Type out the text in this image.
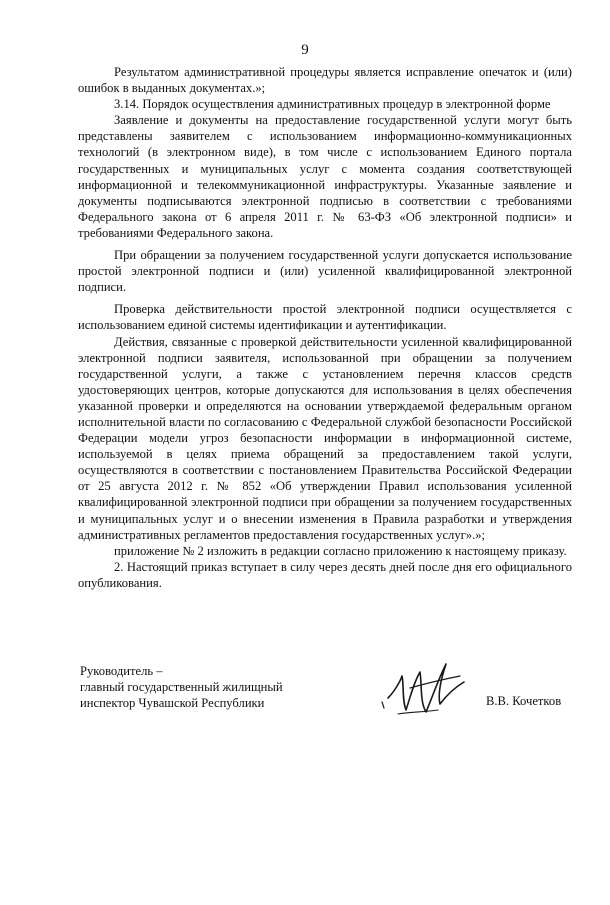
9

Результатом административной процедуры является исправление опечаток и (или) ошибок в выданных документах.»;

3.14. Порядок осуществления административных процедур в электронной форме

Заявление и документы на предоставление государственной услуги могут быть представлены заявителем с использованием информационно-коммуникационных технологий (в электронном виде), в том числе с использованием Единого портала государственных и муниципальных услуг с момента создания соответствующей информационной и телекоммуникационной инфраструктуры. Указанные заявление и документы подписываются электронной подписью в соответствии с требованиями Федерального закона от 6 апреля 2011 г. № 63-ФЗ «Об электронной подписи» и требованиями Федерального закона.

При обращении за получением государственной услуги допускается использование простой электронной подписи и (или) усиленной квалифицированной электронной подписи.

Проверка действительности простой электронной подписи осуществляется с использованием единой системы идентификации и аутентификации.

Действия, связанные с проверкой действительности усиленной квалифицированной электронной подписи заявителя, использованной при обращении за получением государственной услуги, а также с установлением перечня классов средств удостоверяющих центров, которые допускаются для использования в целях обеспечения указанной проверки и определяются на основании утверждаемой федеральным органом исполнительной власти по согласованию с Федеральной службой безопасности Российской Федерации модели угроз безопасности информации в информационной системе, используемой в целях приема обращений за предоставлением такой услуги, осуществляются в соответствии с постановлением Правительства Российской Федерации от 25 августа 2012 г. № 852 «Об утверждении Правил использования усиленной квалифицированной электронной подписи при обращении за получением государственных и муниципальных услуг и о внесении изменения в Правила разработки и утверждения административных регламентов предоставления государственных услуг».»;

приложение № 2 изложить в редакции согласно приложению к настоящему приказу.

2. Настоящий приказ вступает в силу через десять дней после дня его официального опубликования.

Руководитель –
главный государственный жилищный
инспектор Чувашской Республики	В.В. Кочетков
